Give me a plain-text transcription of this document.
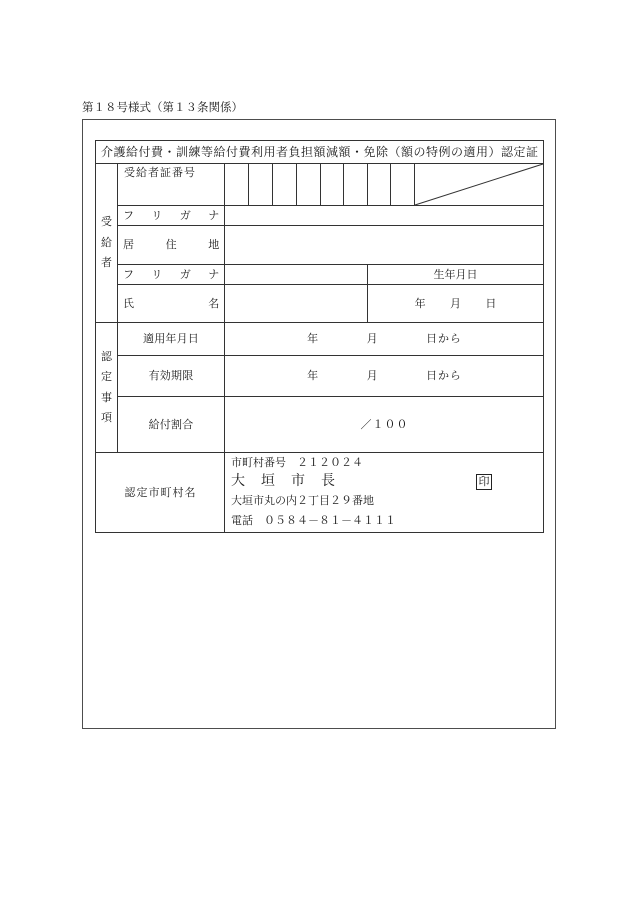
第１８号様式（第１３条関係）
介護給付費・訓練等給付費利用者負担額減額・免除（額の特例の適用）認定証
受給者
受給者証番号
フ　リ　ガ　ナ
居　　住　　地
フ　リ　ガ　ナ	生年月日
氏　　　　　名	年　　月　　日
認定事項
適用年月日	年　　　　月　　　　日から
有効期限	年　　　　月　　　　日から
給付割合	／１００
認定市町村名
市町村番号　２１２０２４
大　垣　市　長
大垣市丸の内２丁目２９番地
電話　０５８４－８１－４１１１
印
